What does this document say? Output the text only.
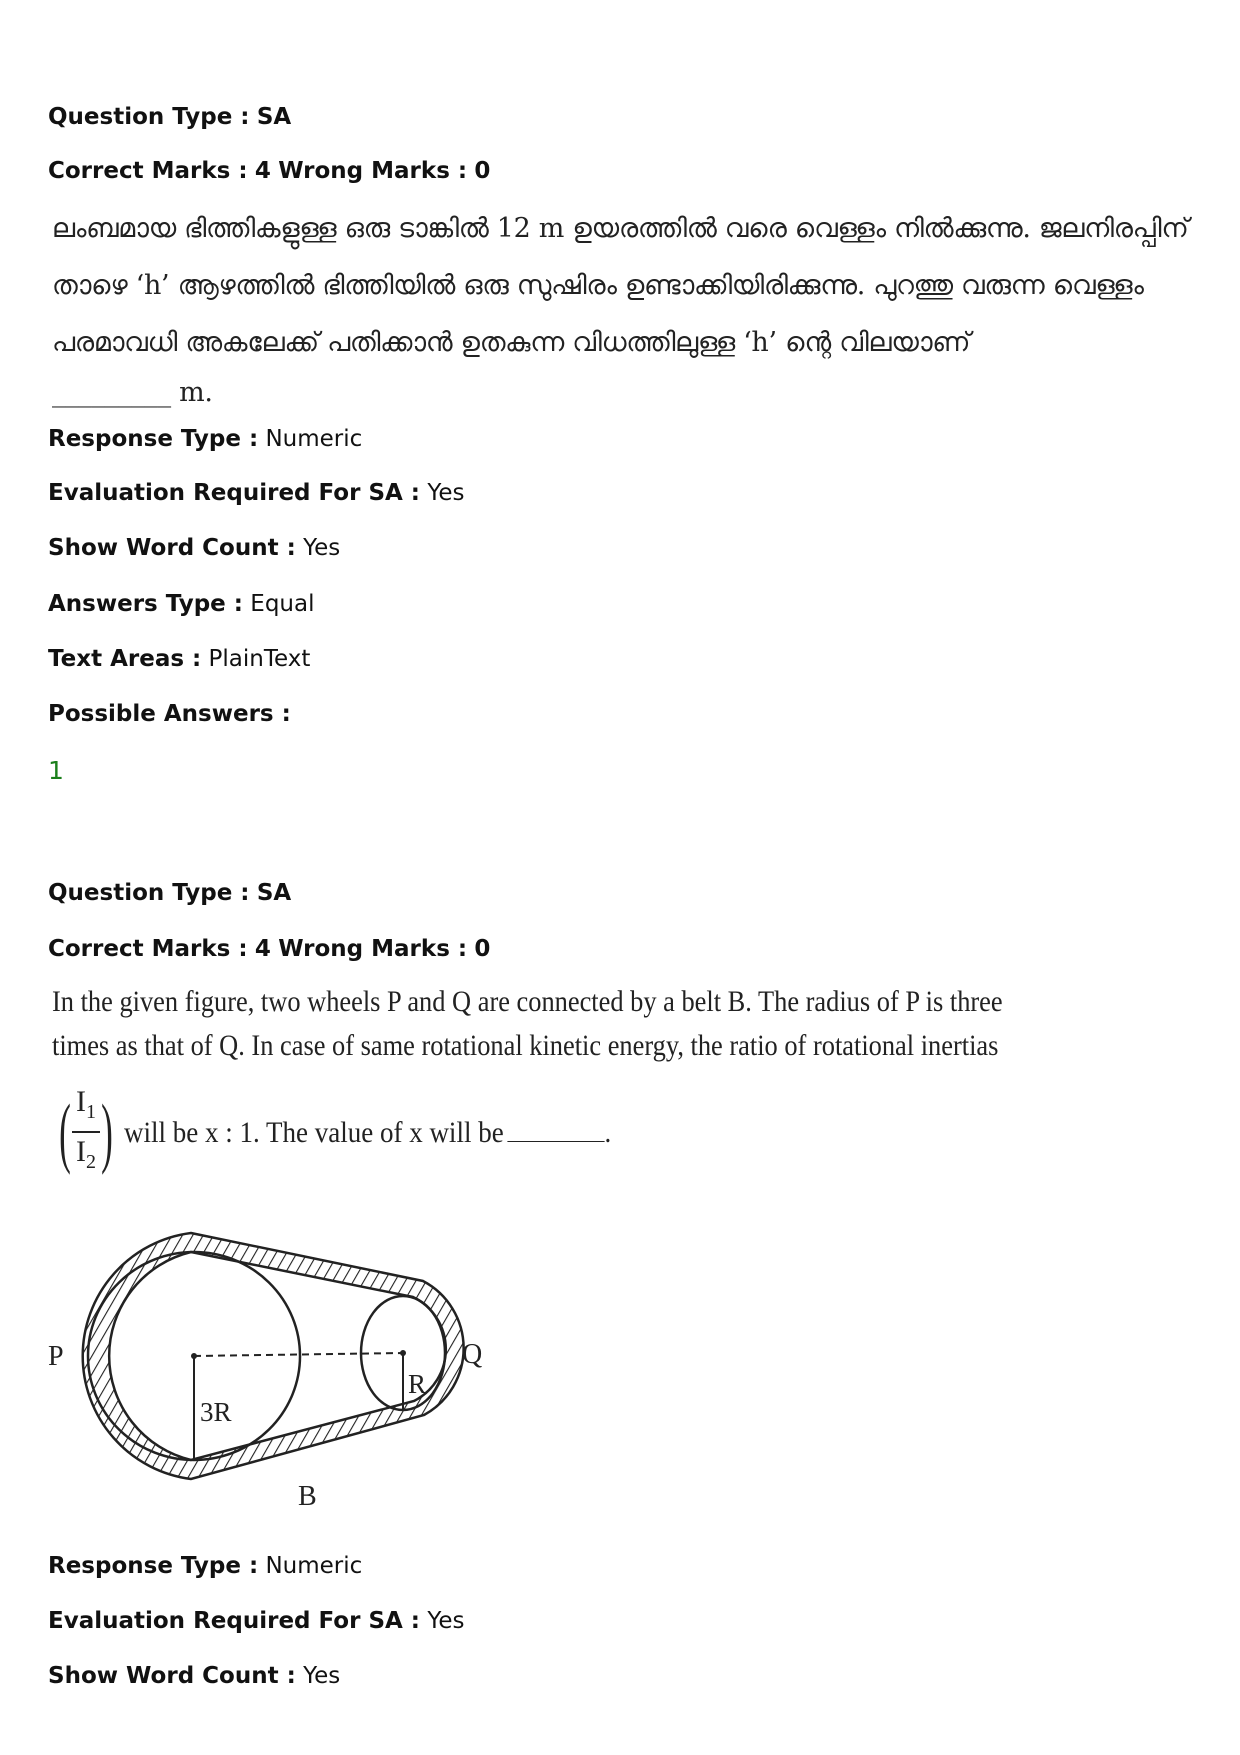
Question Type : SA
Correct Marks : 4 Wrong Marks : 0
ലംബമായ ഭിത്തികളുള്ള ഒരു ടാങ്കിൽ 12 m ഉയരത്തിൽ വരെ വെള്ളം നിൽക്കുന്നു. ജലനിരപ്പിന്
താഴെ ‘h’ ആഴത്തിൽ ഭിത്തിയിൽ ഒരു സുഷിരം ഉണ്ടാക്കിയിരിക്കുന്നു. പുറത്തു വരുന്ന വെള്ളം
പരമാവധി അകലേക്ക് പതിക്കാൻ ഉതകുന്ന വിധത്തിലുള്ള ‘h’ ന്റെ വിലയാണ്
_________ m.
Response Type : Numeric
Evaluation Required For SA : Yes
Show Word Count : Yes
Answers Type : Equal
Text Areas : PlainText
Possible Answers :
1
Question Type : SA
Correct Marks : 4 Wrong Marks : 0
In the given figure, two wheels P and Q are connected by a belt B. The radius of P is three
times as that of Q. In case of same rotational kinetic energy, the ratio of rotational inertias
( $\frac{I_1}{I_2}$ ) will be x : 1. The value of x will be	.
P	Q
B
3R
R
Response Type : Numeric
Evaluation Required For SA : Yes
Show Word Count : Yes
